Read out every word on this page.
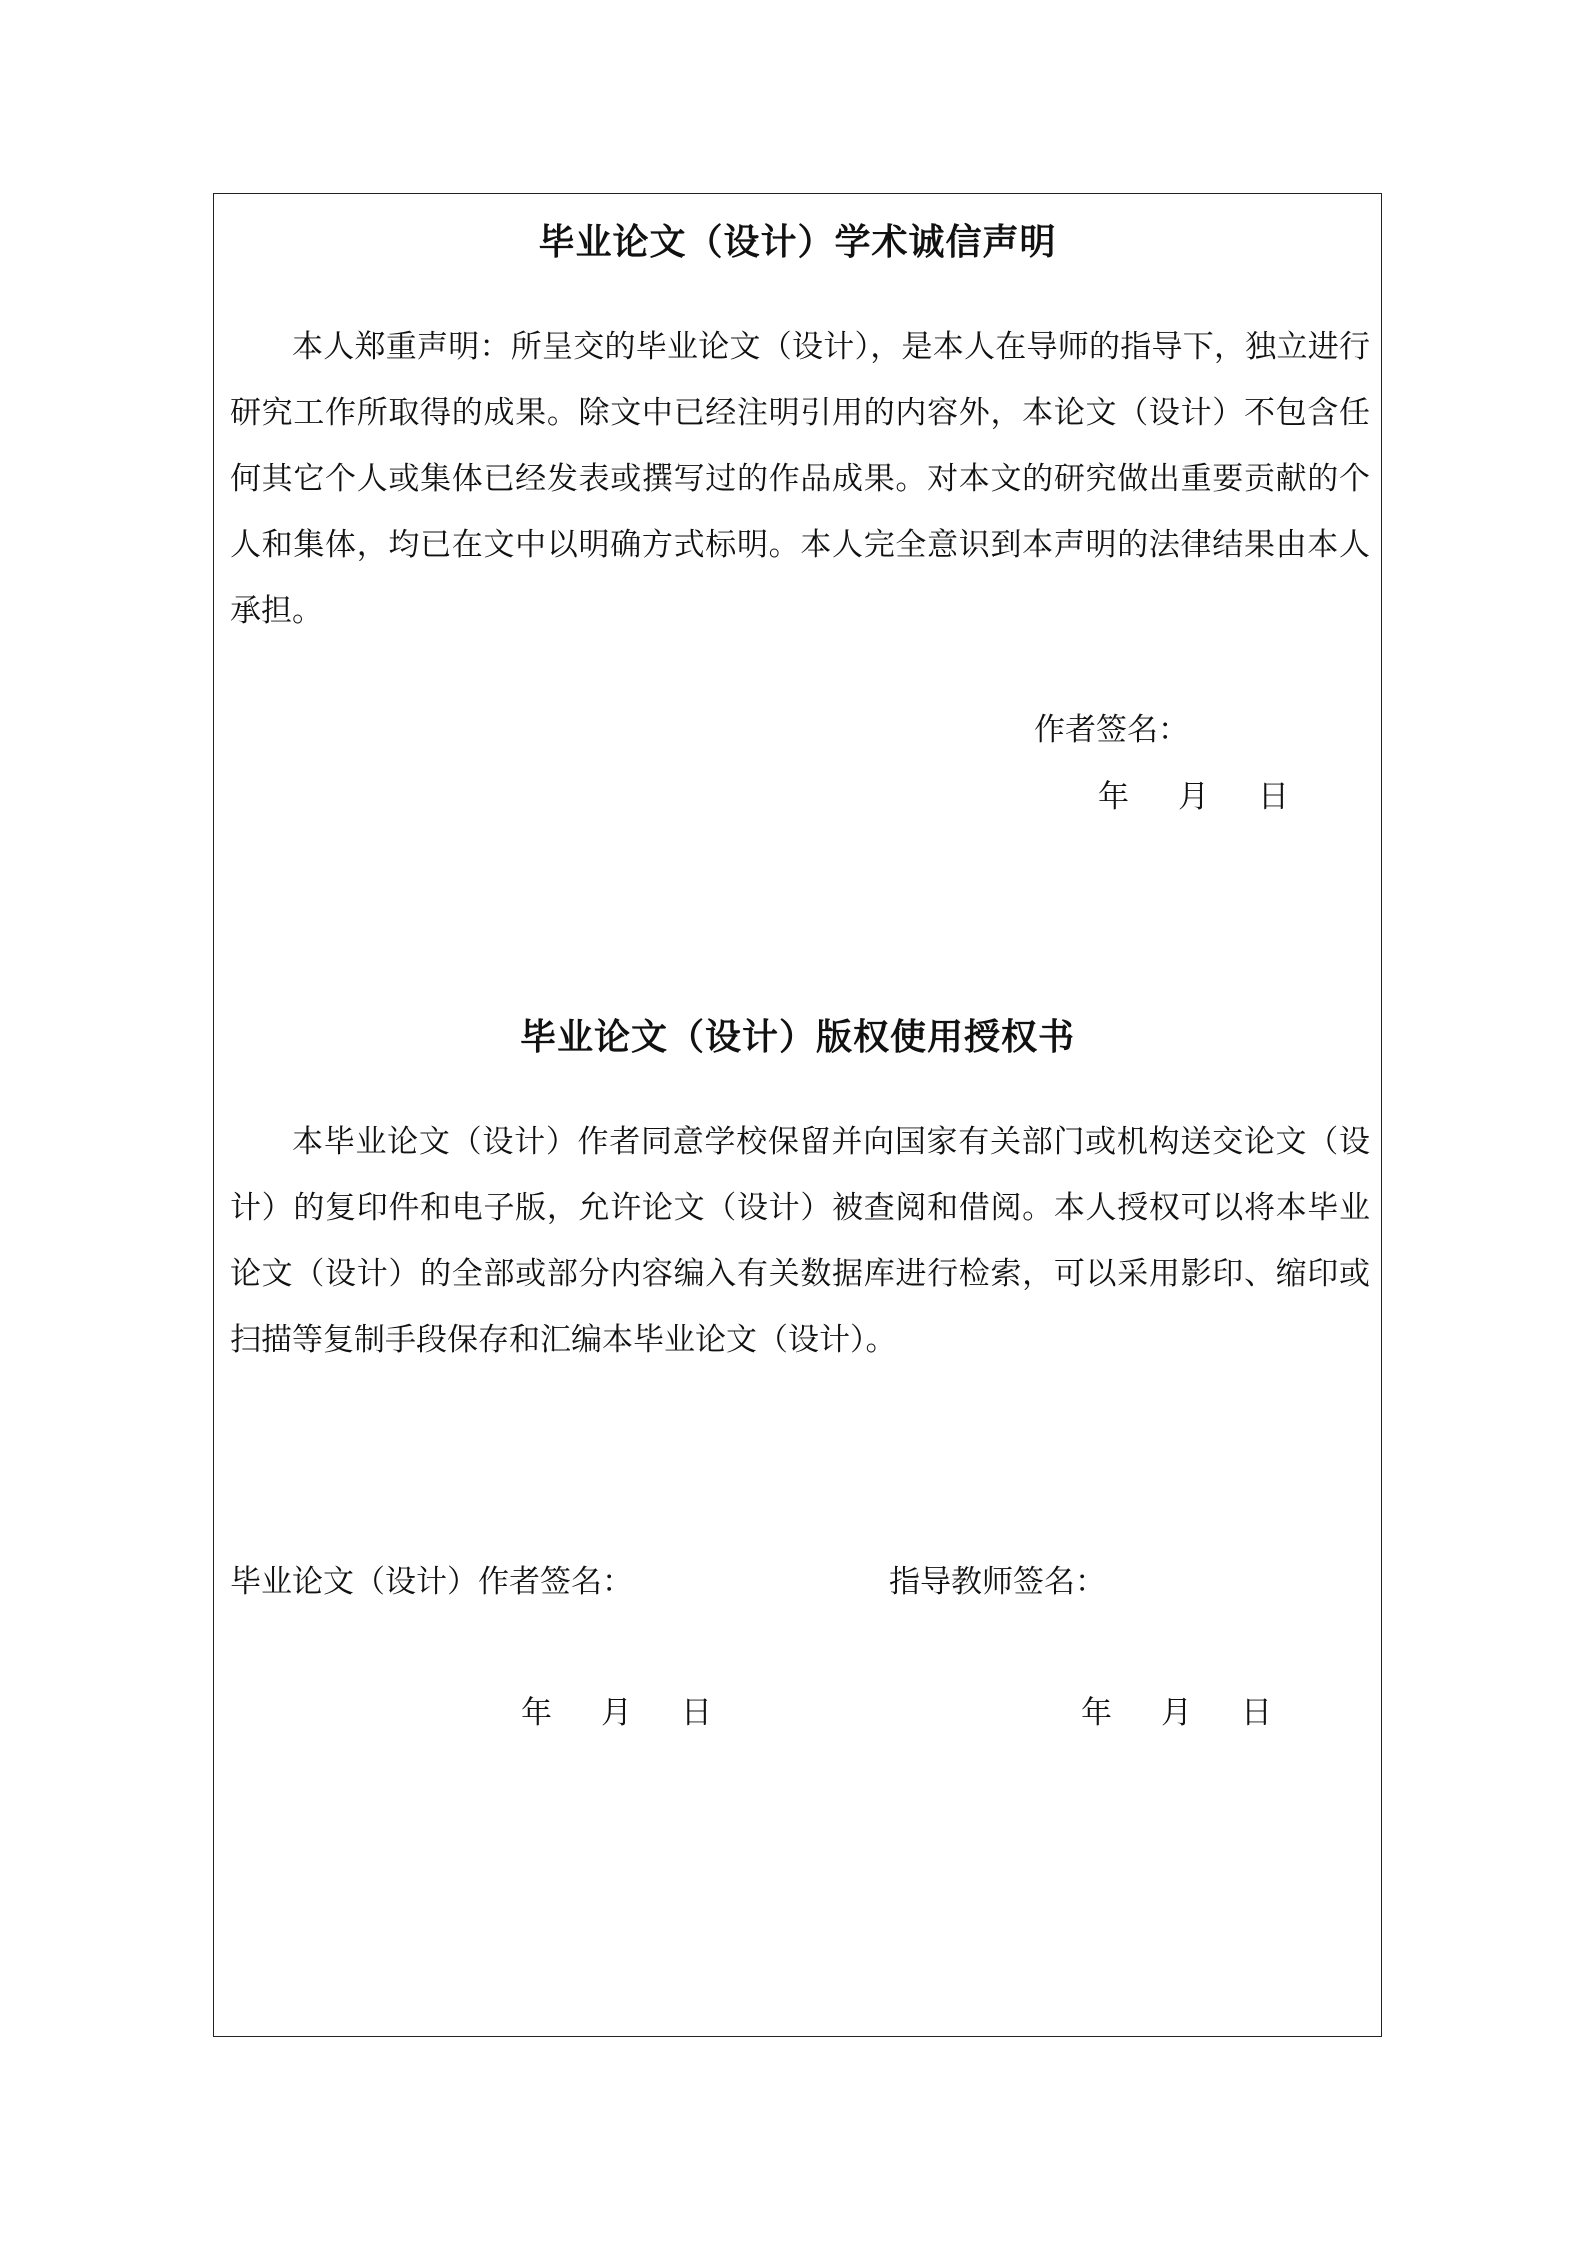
毕业论文（设计）学术诚信声明

本人郑重声明：所呈交的毕业论文（设计），是本人在导师的指导下，独立进行研究工作所取得的成果。除文中已经注明引用的内容外，本论文（设计）不包含任何其它个人或集体已经发表或撰写过的作品成果。对本文的研究做出重要贡献的个人和集体，均已在文中以明确方式标明。本人完全意识到本声明的法律结果由本人承担。

作者签名：
年 月 日
毕业论文（设计）版权使用授权书

本毕业论文（设计）作者同意学校保留并向国家有关部门或机构送交论文（设计）的复印件和电子版，允许论文（设计）被查阅和借阅。本人授权可以将本毕业论文（设计）的全部或部分内容编入有关数据库进行检索，可以采用影印、缩印或扫描等复制手段保存和汇编本毕业论文（设计）。

毕业论文（设计）作者签名：	指导教师签名：
年 月 日	年 月 日
